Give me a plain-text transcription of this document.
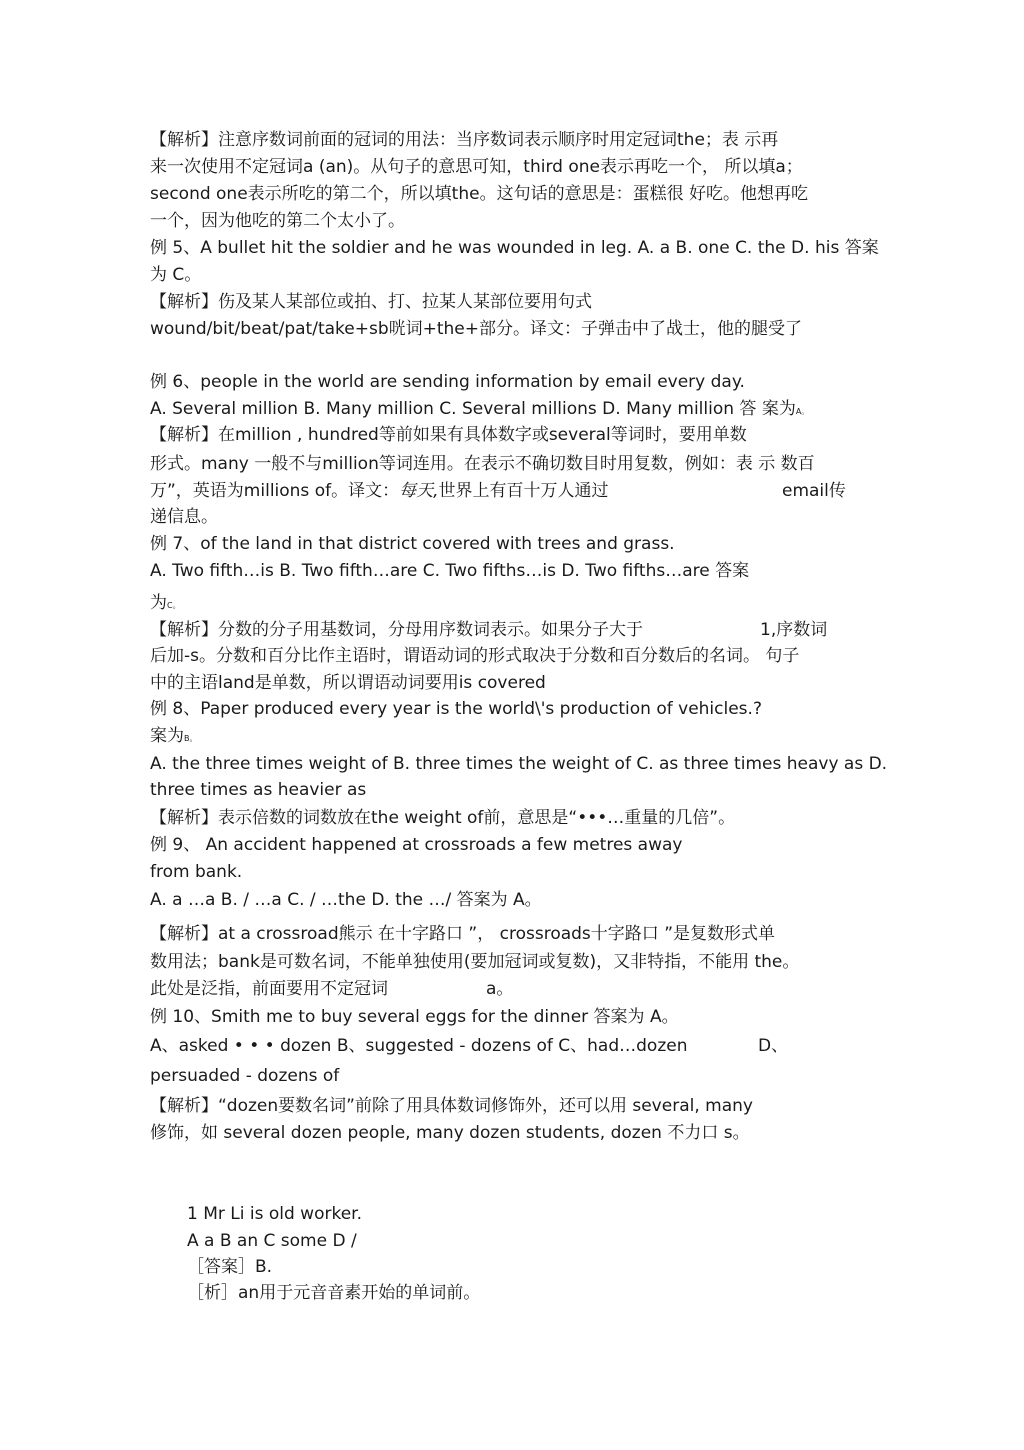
【解析】注意序数词前面的冠词的用法：当序数词表示顺序时用定冠词the；表 示再
来一次使用不定冠词a (an)。从句子的意思可知，third one表示再吃一个， 所以填a；
second one表示所吃的第二个，所以填the。这句话的意思是：蛋糕很 好吃。他想再吃
一个，因为他吃的第二个太小了。
例 5、A bullet hit the soldier and he was wounded in leg. A. a B. one C. the D. his 答案
为 C。
【解析】伤及某人某部位或拍、打、拉某人某部位要用句式
wound/bit/beat/pat/take+sb咣词+the+部分。译文：子弹击中了战士，他的腿受了
例 6、people in the world are sending information by email every day.
A. Several million B. Many million C. Several millions D. Many million 答 案为A。
【解析】在million , hundred等前如果有具体数字或several等词时，要用单数
形式。many 一般不与million等词连用。在表示不确切数目时用复数，例如：表 示 数百
万”，英语为millions of。译文：每天,世界上有百十万人通过	email传
递信息。
例 7、of the land in that district covered with trees and grass.
A. Two fifth…is B. Two fifth…are C. Two fifths…is D. Two fifths…are 答案
为C。
【解析】分数的分子用基数词，分母用序数词表示。如果分子大于	1,序数词
后加-s。分数和百分比作主语时，谓语动词的形式取决于分数和百分数后的名词。 句子
中的主语land是单数，所以谓语动词要用is covered
例 8、Paper produced every year is the world\'s production of vehicles.?
案为B。
A. the three times weight of B. three times the weight of C. as three times heavy as D.
three times as heavier as
【解析】表示倍数的词数放在the weight of前，意思是“•••…重量的几倍”。
例 9、 An accident happened at crossroads a few metres away
from bank.
A. a …a B. / …a C. / …the D. the …/ 答案为 A。
【解析】at a crossroad熊示 在十字路口 ”， crossroads十字路口 ”是复数形式单
数用法；bank是可数名词，不能单独使用(要加冠词或复数)，又非特指，不能用 the。
此处是泛指，前面要用不定冠词	a。
例 10、Smith me to buy several eggs for the dinner 答案为 A。
A、asked • • • dozen B、suggested - dozens of C、had…dozen	D、
persuaded - dozens of
【解析】“dozen要数名词”前除了用具体数词修饰外，还可以用 several, many
修饰，如 several dozen people, many dozen students, dozen 不力口 s。
1 Mr Li is old worker.
A a B an C some D /
［答案］B.
［析］an用于元音音素开始的单词前。
